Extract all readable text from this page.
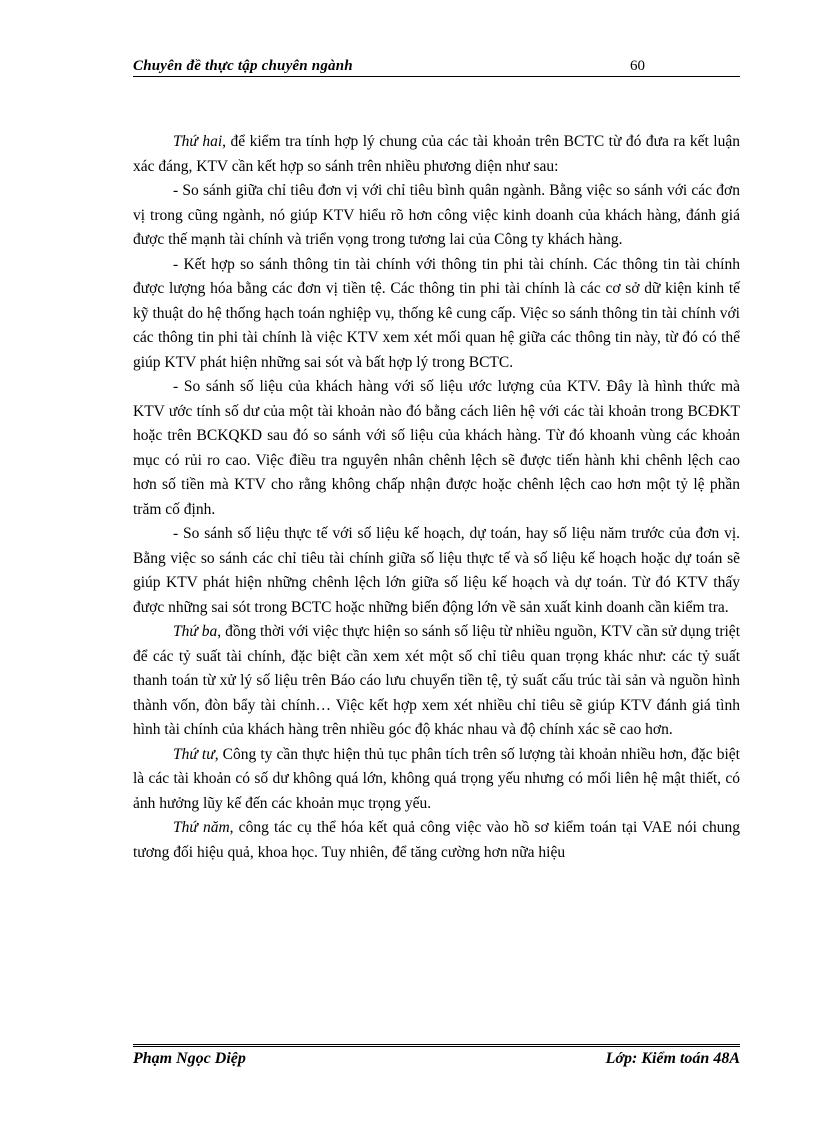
Chuyên đề thực tập chuyên ngành	60

Thứ hai, để kiểm tra tính hợp lý chung của các tài khoản trên BCTC từ đó đưa ra kết luận xác đáng, KTV cần kết hợp so sánh trên nhiều phương diện như sau:

- So sánh giữa chỉ tiêu đơn vị với chỉ tiêu bình quân ngành. Bằng việc so sánh với các đơn vị trong cũng ngành, nó giúp KTV hiểu rõ hơn công việc kinh doanh của khách hàng, đánh giá được thế mạnh tài chính và triển vọng trong tương lai của Công ty khách hàng.

- Kết hợp so sánh thông tin tài chính với thông tin phi tài chính. Các thông tin tài chính được lượng hóa bằng các đơn vị tiền tệ. Các thông tin phi tài chính là các cơ sở dữ kiện kinh tế kỹ thuật do hệ thống hạch toán nghiệp vụ, thống kê cung cấp. Việc so sánh thông tin tài chính với các thông tin phi tài chính là việc KTV xem xét mối quan hệ giữa các thông tin này, từ đó có thể giúp KTV phát hiện những sai sót và bất hợp lý trong BCTC.

- So sánh số liệu của khách hàng với số liệu ước lượng của KTV. Đây là hình thức mà KTV ước tính số dư của một tài khoản nào đó bằng cách liên hệ với các tài khoản trong BCĐKT hoặc trên BCKQKD sau đó so sánh với số liệu của khách hàng. Từ đó khoanh vùng các khoản mục có rủi ro cao. Việc điều tra nguyên nhân chênh lệch sẽ được tiến hành khi chênh lệch cao hơn số tiền mà KTV cho rằng không chấp nhận được hoặc chênh lệch cao hơn một tỷ lệ phần trăm cố định.

- So sánh số liệu thực tế với số liệu kế hoạch, dự toán, hay số liệu năm trước của đơn vị. Bằng việc so sánh các chỉ tiêu tài chính giữa số liệu thực tế và số liệu kế hoạch hoặc dự toán sẽ giúp KTV phát hiện những chênh lệch lớn giữa số liệu kế hoạch và dự toán. Từ đó KTV thấy được những sai sót trong BCTC hoặc những biến động lớn về sản xuất kinh doanh cần kiểm tra.

Thứ ba, đồng thời với việc thực hiện so sánh số liệu từ nhiều nguồn, KTV cần sử dụng triệt để các tỷ suất tài chính, đặc biệt cần xem xét một số chỉ tiêu quan trọng khác như: các tỷ suất thanh toán từ xử lý số liệu trên Báo cáo lưu chuyển tiền tệ, tỷ suất cấu trúc tài sản và nguồn hình thành vốn, đòn bẩy tài chính… Việc kết hợp xem xét nhiều chỉ tiêu sẽ giúp KTV đánh giá tình hình tài chính của khách hàng trên nhiều góc độ khác nhau và độ chính xác sẽ cao hơn.

Thứ tư, Công ty cần thực hiện thủ tục phân tích trên số lượng tài khoản nhiều hơn, đặc biệt là các tài khoản có số dư không quá lớn, không quá trọng yếu nhưng có mối liên hệ mật thiết, có ảnh hưởng lũy kế đến các khoản mục trọng yếu.

Thứ năm, công tác cụ thể hóa kết quả công việc vào hồ sơ kiểm toán tại VAE nói chung tương đối hiệu quả, khoa học. Tuy nhiên, để tăng cường hơn nữa hiệu

Phạm Ngọc Diệp	Lớp: Kiểm toán 48A
